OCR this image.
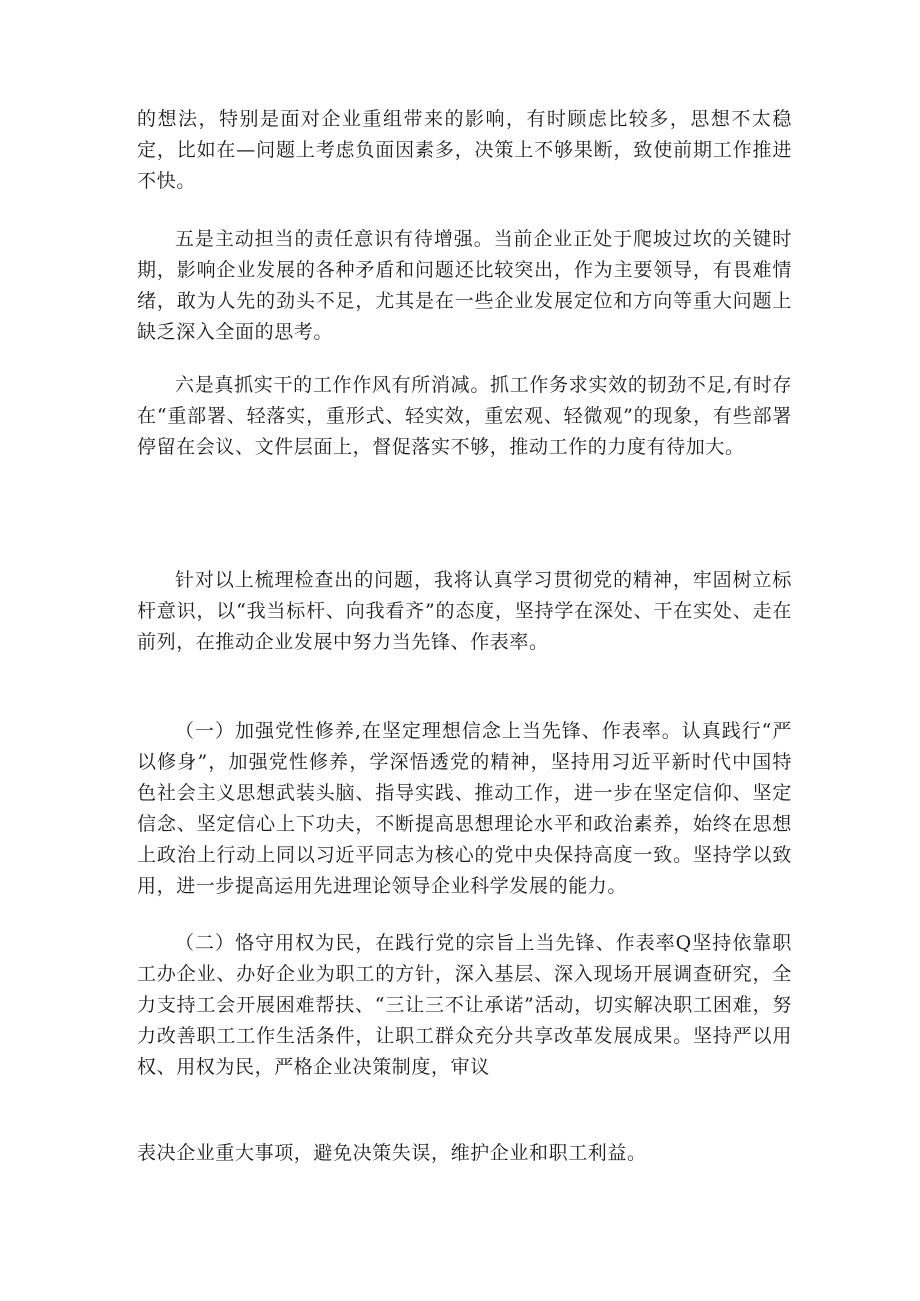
的想法，特别是面对企业重组带来的影响，有时顾虑比较多，思想不太稳定，比如在—问题上考虑负面因素多，决策上不够果断，致使前期工作推进不快。

五是主动担当的责任意识有待增强。当前企业正处于爬坡过坎的关键时期，影响企业发展的各种矛盾和问题还比较突出，作为主要领导，有畏难情绪，敢为人先的劲头不足，尤其是在一些企业发展定位和方向等重大问题上缺乏深入全面的思考。

六是真抓实干的工作作风有所消减。抓工作务求实效的韧劲不足,有时存在“重部署、轻落实，重形式、轻实效，重宏观、轻微观”的现象，有些部署停留在会议、文件层面上，督促落实不够，推动工作的力度有待加大。

针对以上梳理检查出的问题，我将认真学习贯彻党的精神，牢固树立标杆意识，以“我当标杆、向我看齐”的态度，坚持学在深处、干在实处、走在前列，在推动企业发展中努力当先锋、作表率。

（一）加强党性修养,在坚定理想信念上当先锋、作表率。认真践行“严以修身”，加强党性修养，学深悟透党的精神，坚持用习近平新时代中国特色社会主义思想武装头脑、指导实践、推动工作，进一步在坚定信仰、坚定信念、坚定信心上下功夫，不断提高思想理论水平和政治素养，始终在思想上政治上行动上同以习近平同志为核心的党中央保持高度一致。坚持学以致用，进一步提高运用先进理论领导企业科学发展的能力。

（二）恪守用权为民，在践行党的宗旨上当先锋、作表率Q坚持依靠职工办企业、办好企业为职工的方针，深入基层、深入现场开展调查研究，全力支持工会开展困难帮扶、“三让三不让承诺”活动，切实解决职工困难，努力改善职工工作生活条件，让职工群众充分共享改革发展成果。坚持严以用权、用权为民，严格企业决策制度，审议

表决企业重大事项，避免决策失误，维护企业和职工利益。
